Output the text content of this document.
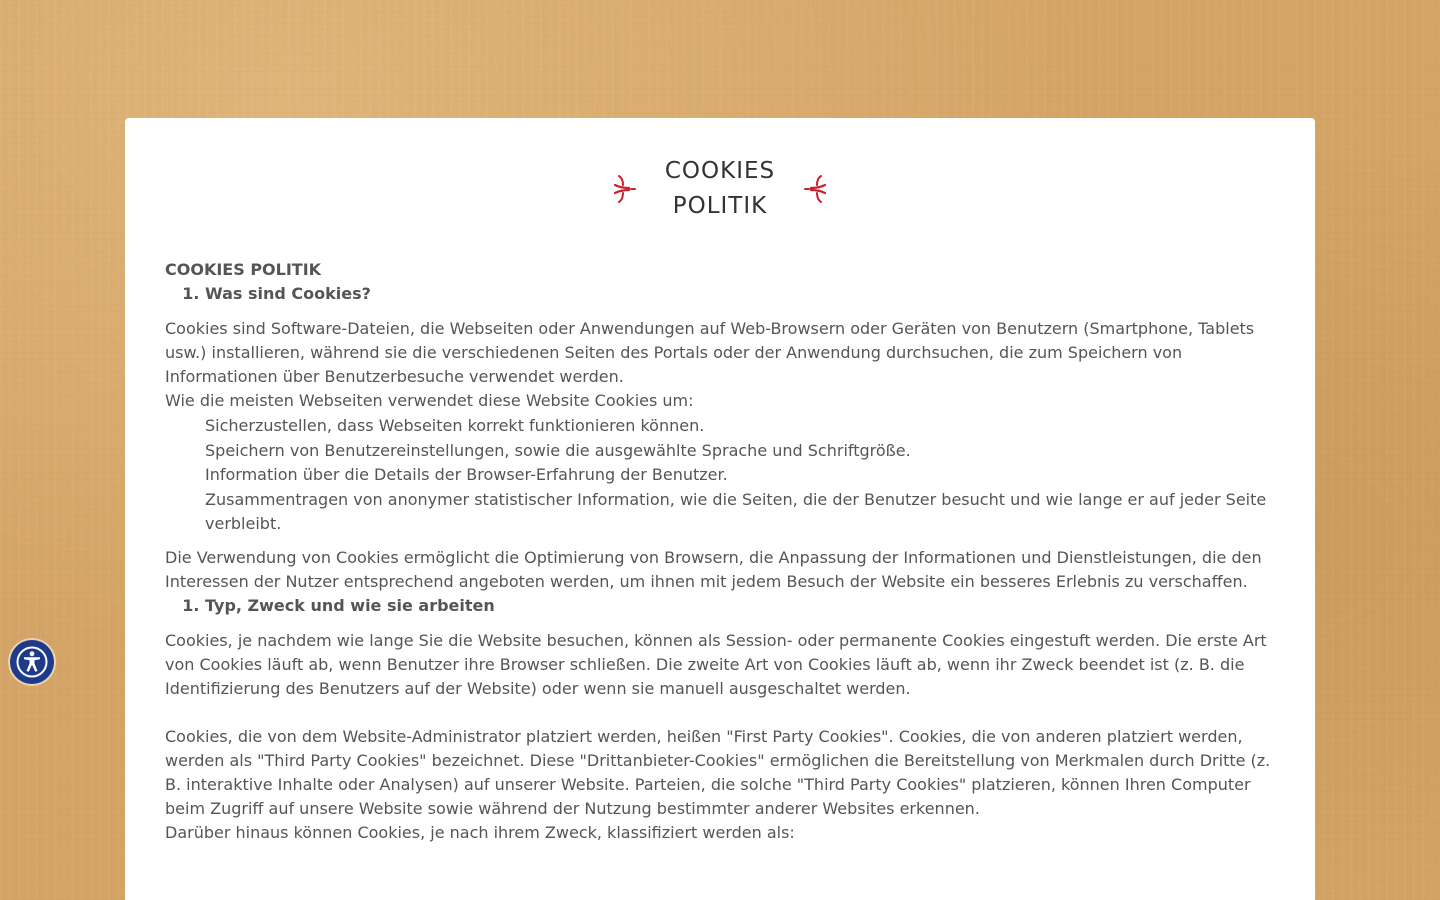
COOKIES
POLITIK

COOKIES POLITIK

1. Was sind Cookies?

Cookies sind Software-Dateien, die Webseiten oder Anwendungen auf Web-Browsern oder Geräten von Benutzern (Smartphone, Tablets usw.) installieren, während sie die verschiedenen Seiten des Portals oder der Anwendung durchsuchen, die zum Speichern von Informationen über Benutzerbesuche verwendet werden.

Wie die meisten Webseiten verwendet diese Website Cookies um:

Sicherzustellen, dass Webseiten korrekt funktionieren können.
Speichern von Benutzereinstellungen, sowie die ausgewählte Sprache und Schriftgröße.
Information über die Details der Browser-Erfahrung der Benutzer.
Zusammentragen von anonymer statistischer Information, wie die Seiten, die der Benutzer besucht und wie lange er auf jeder Seite verbleibt.

Die Verwendung von Cookies ermöglicht die Optimierung von Browsern, die Anpassung der Informationen und Dienstleistungen, die den Interessen der Nutzer entsprechend angeboten werden, um ihnen mit jedem Besuch der Website ein besseres Erlebnis zu verschaffen.

1. Typ, Zweck und wie sie arbeiten

Cookies, je nachdem wie lange Sie die Website besuchen, können als Session- oder permanente Cookies eingestuft werden. Die erste Art von Cookies läuft ab, wenn Benutzer ihre Browser schließen. Die zweite Art von Cookies läuft ab, wenn ihr Zweck beendet ist (z. B. die Identifizierung des Benutzers auf der Website) oder wenn sie manuell ausgeschaltet werden.

Cookies, die von dem Website-Administrator platziert werden, heißen "First Party Cookies". Cookies, die von anderen platziert werden, werden als "Third Party Cookies" bezeichnet. Diese "Drittanbieter-Cookies" ermöglichen die Bereitstellung von Merkmalen durch Dritte (z. B. interaktive Inhalte oder Analysen) auf unserer Website. Parteien, die solche "Third Party Cookies" platzieren, können Ihren Computer beim Zugriff auf unsere Website sowie während der Nutzung bestimmter anderer Websites erkennen.

Darüber hinaus können Cookies, je nach ihrem Zweck, klassifiziert werden als:
